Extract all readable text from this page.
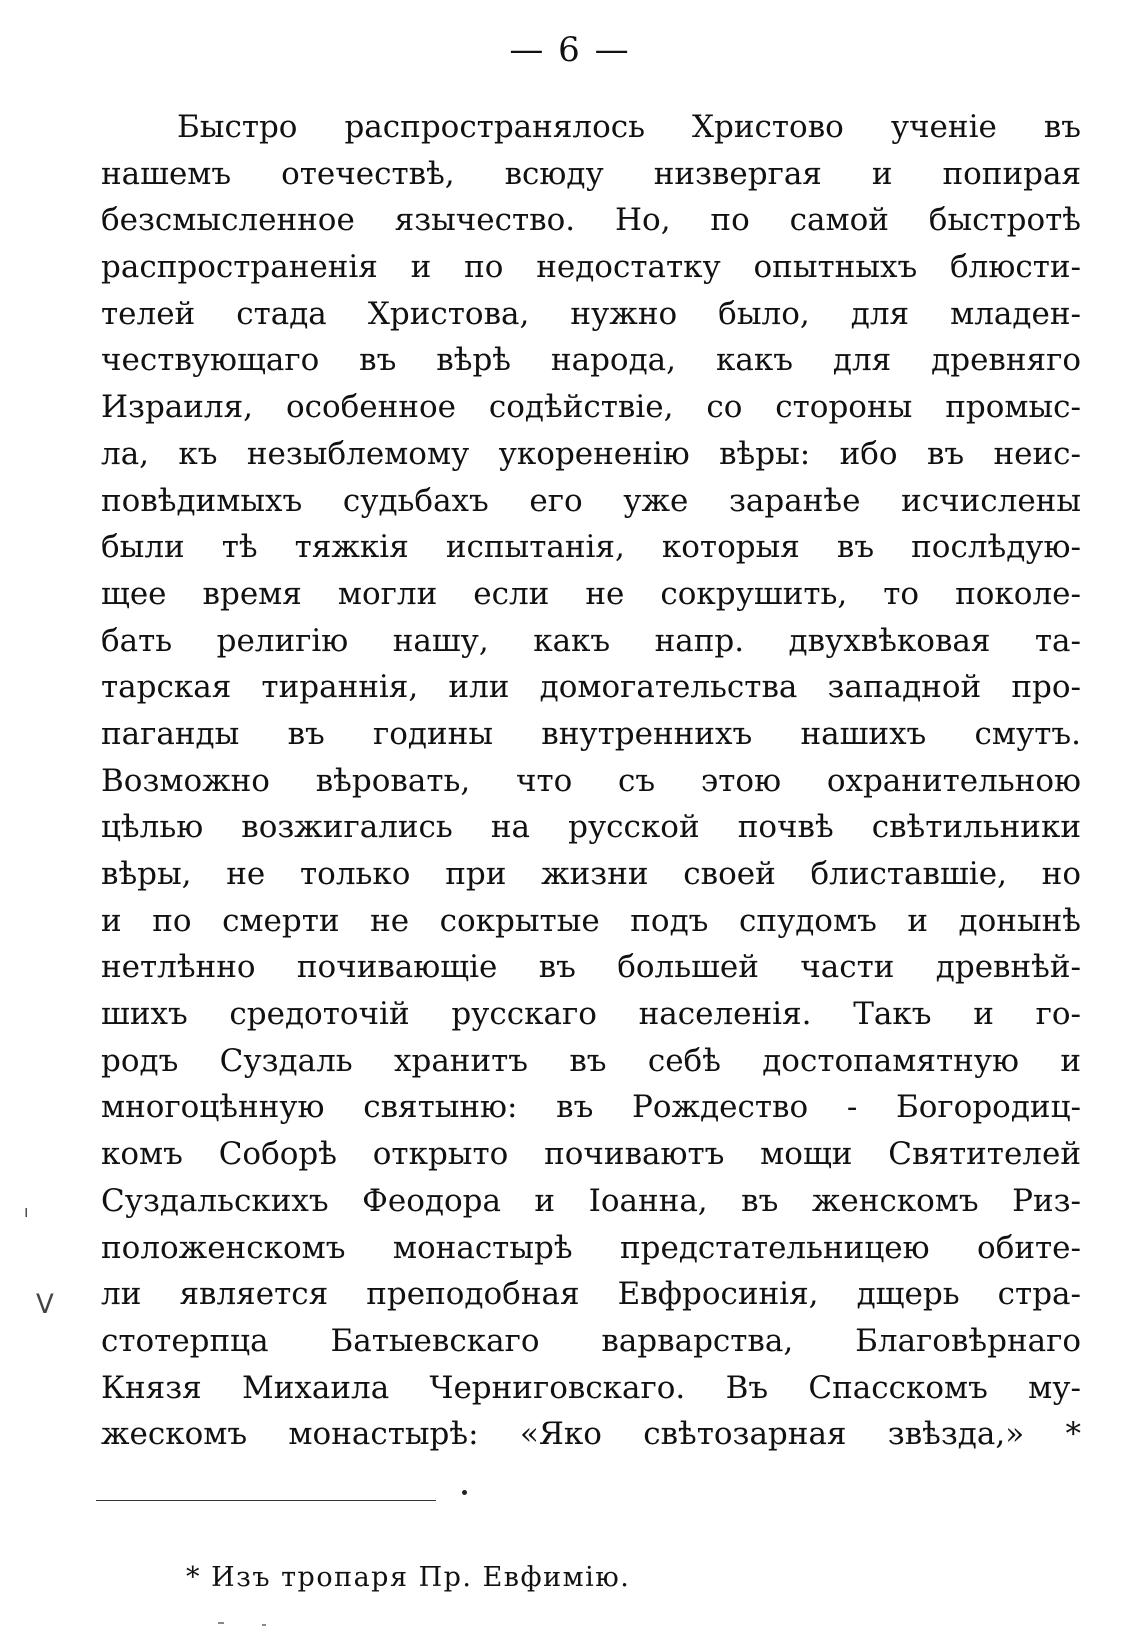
— 6 —
Быстро распространялось Христово ученіе въ
нашемъ отечествѣ, всюду низвергая и попирая
безсмысленное язычество. Но, по самой быстротѣ
распространенія и по недостатку опытныхъ блюсти-
телей стада Христова, нужно было, для младен-
чествующаго въ вѣрѣ народа, какъ для древняго
Израиля, особенное содѣйствіе, со стороны промыс-
ла, къ незыблемому укорененію вѣры: ибо въ неис-
повѣдимыхъ судьбахъ его уже заранѣе исчислены
были тѣ тяжкія испытанія, которыя въ послѣдую-
щее время могли если не сокрушить, то поколе-
бать религію нашу, какъ напр. двухвѣковая та-
тарская тираннія, или домогательства западной про-
паганды въ годины внутреннихъ нашихъ смутъ.
Возможно вѣровать, что съ этою охранительною
цѣлью возжигались на русской почвѣ свѣтильники
вѣры, не только при жизни своей блиставшіе, но
и по смерти не сокрытые подъ спудомъ и донынѣ
нетлѣнно почивающіе въ большей части древнѣй-
шихъ средоточій русскаго населенія. Такъ и го-
родъ Суздаль хранитъ въ себѣ достопамятную и
многоцѣнную святыню: въ Рождество - Богородиц-
комъ Соборѣ открыто почиваютъ мощи Святителей
Суздальскихъ Феодора и Іоанна, въ женскомъ Риз-
положенскомъ монастырѣ предстательницею обите-
ли является преподобная Евфросинія, дщерь стра-
стотерпца Батыевскаго варварства, Благовѣрнаго
Князя Михаила Черниговскаго. Въ Спасскомъ му-
жескомъ монастырѣ: «Яко свѣтозарная звѣзда,» *
* Изъ тропаря Пр. Евфимію.
ı
ᐯ
